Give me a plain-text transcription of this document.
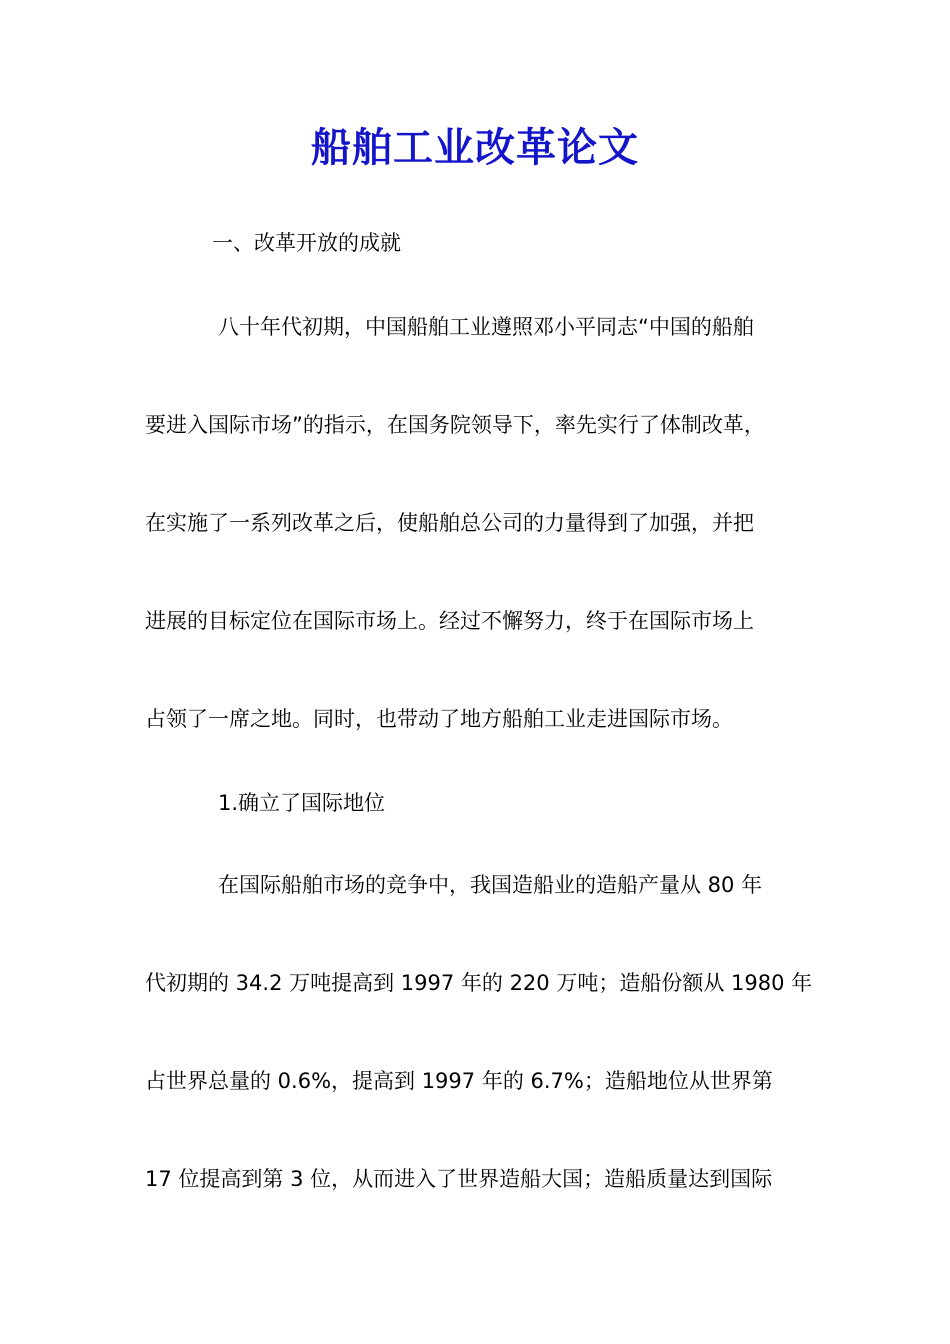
船舶工业改革论文
一、改革开放的成就
八十年代初期，中国船舶工业遵照邓小平同志“中国的船舶
要进入国际市场”的指示，在国务院领导下，率先实行了体制改革，
在实施了一系列改革之后，使船舶总公司的力量得到了加强，并把
进展的目标定位在国际市场上。经过不懈努力，终于在国际市场上
占领了一席之地。同时，也带动了地方船舶工业走进国际市场。
1.确立了国际地位
在国际船舶市场的竞争中，我国造船业的造船产量从 80 年
代初期的 34.2 万吨提高到 1997 年的 220 万吨；造船份额从 1980 年
占世界总量的 0.6%，提高到 1997 年的 6.7%；造船地位从世界第
17 位提高到第 3 位，从而进入了世界造船大国；造船质量达到国际
